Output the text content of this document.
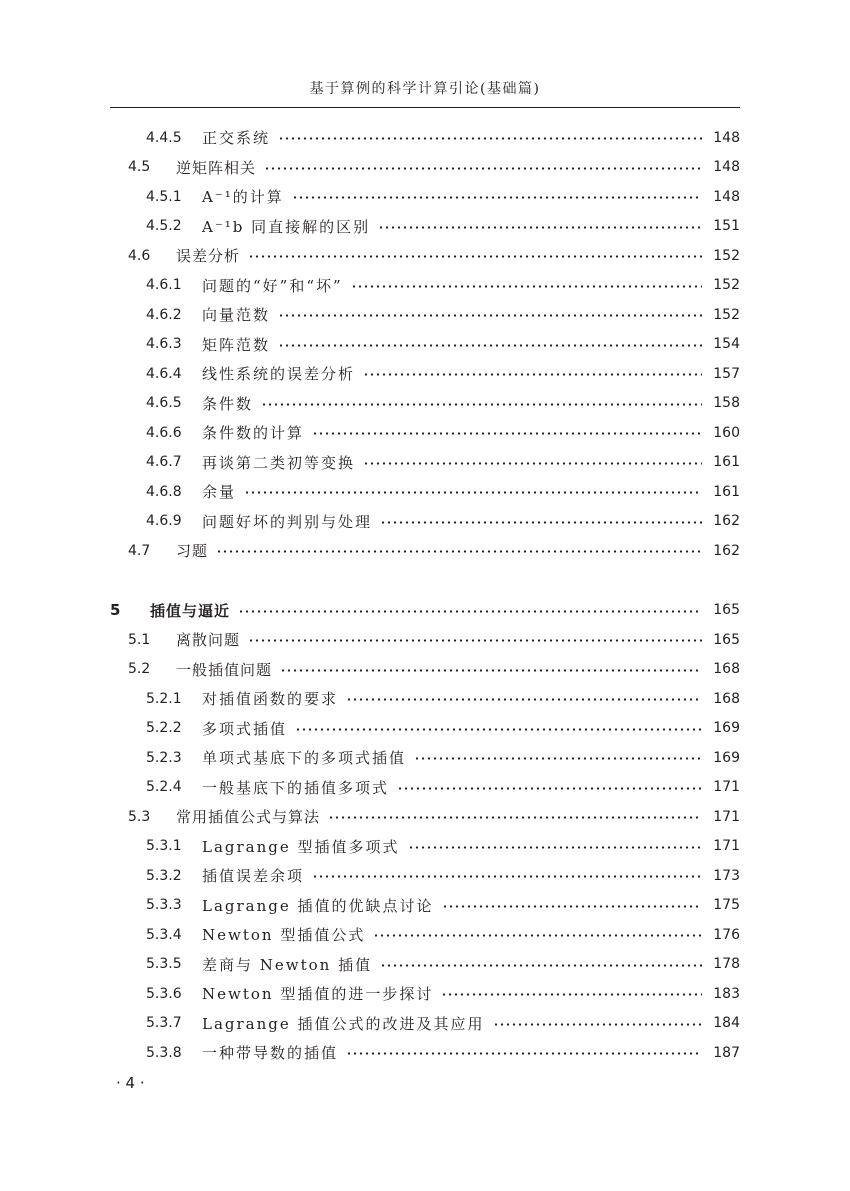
基于算例的科学计算引论(基础篇)
4.4.5	正交系统	148
4.5	逆矩阵相关	148
4.5.1	A⁻¹的计算	148
4.5.2	A⁻¹b 同直接解的区别	151
4.6	误差分析	152
4.6.1	问题的“好”和“坏”	152
4.6.2	向量范数	152
4.6.3	矩阵范数	154
4.6.4	线性系统的误差分析	157
4.6.5	条件数	158
4.6.6	条件数的计算	160
4.6.7	再谈第二类初等变换	161
4.6.8	余量	161
4.6.9	问题好坏的判别与处理	162
4.7	习题	162
5	插值与逼近	165
5.1	离散问题	165
5.2	一般插值问题	168
5.2.1	对插值函数的要求	168
5.2.2	多项式插值	169
5.2.3	单项式基底下的多项式插值	169
5.2.4	一般基底下的插值多项式	171
5.3	常用插值公式与算法	171
5.3.1	Lagrange 型插值多项式	171
5.3.2	插值误差余项	173
5.3.3	Lagrange 插值的优缺点讨论	175
5.3.4	Newton 型插值公式	176
5.3.5	差商与 Newton 插值	178
5.3.6	Newton 型插值的进一步探讨	183
5.3.7	Lagrange 插值公式的改进及其应用	184
5.3.8	一种带导数的插值	187
· 4 ·
